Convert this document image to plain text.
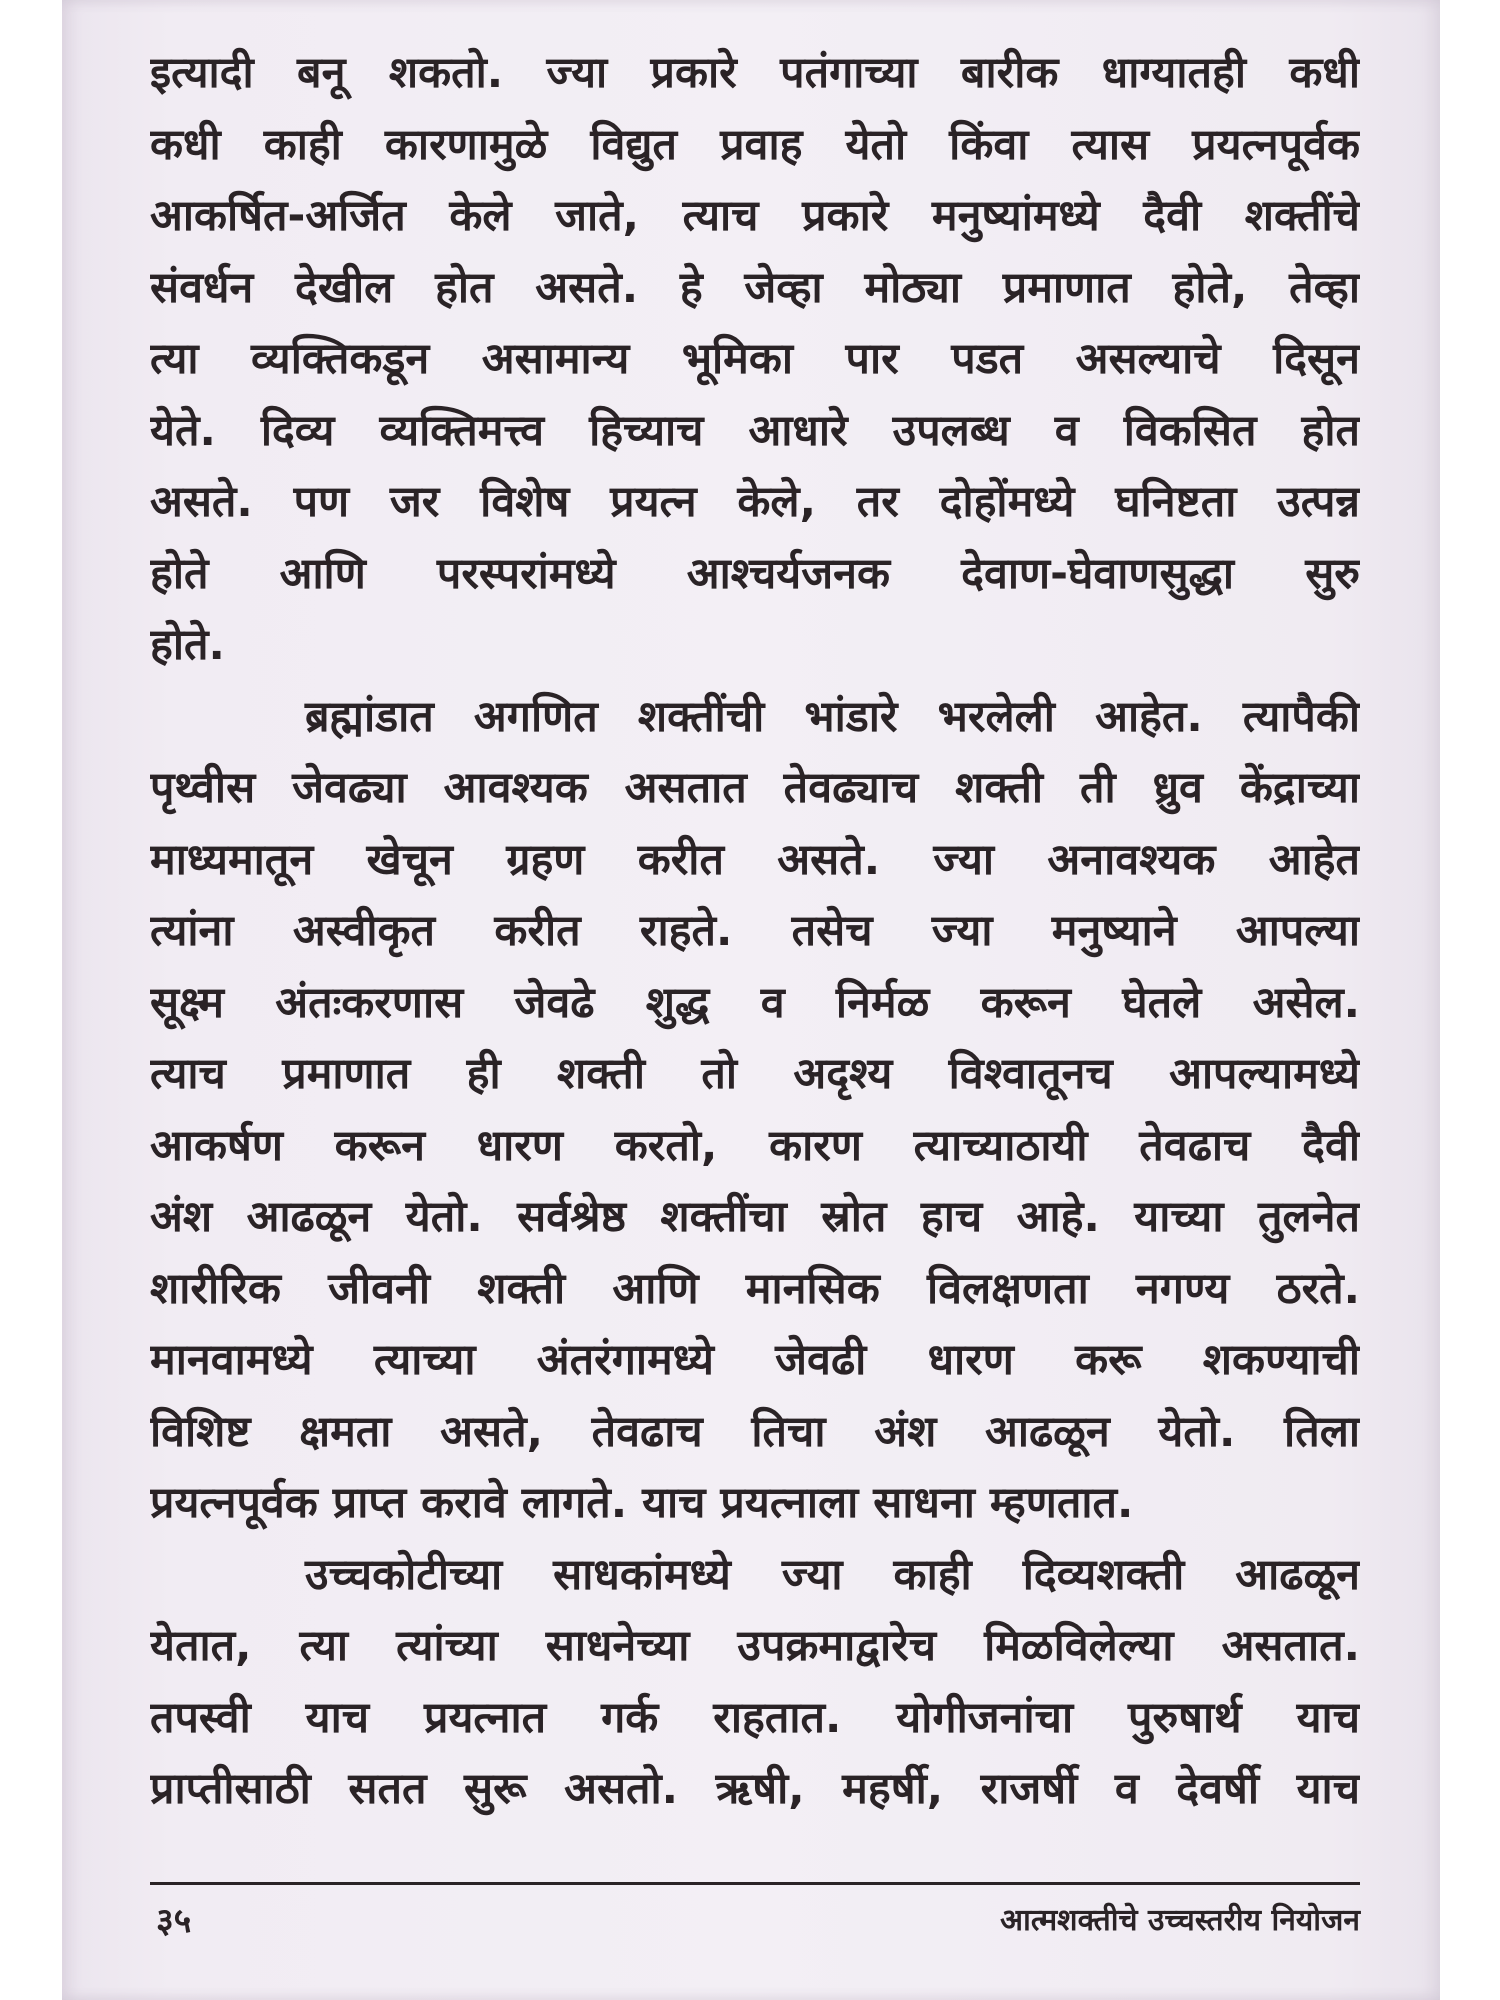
इत्यादी बनू शकतो. ज्या प्रकारे पतंगाच्या बारीक धाग्यातही कधी
कधी काही कारणामुळे विद्युत प्रवाह येतो किंवा त्यास प्रयत्नपूर्वक
आकर्षित-अर्जित केले जाते, त्याच प्रकारे मनुष्यांमध्ये दैवी शक्तींचे
संवर्धन देखील होत असते. हे जेव्हा मोठ्या प्रमाणात होते, तेव्हा
त्या व्यक्तिकडून असामान्य भूमिका पार पडत असल्याचे दिसून
येते. दिव्य व्यक्तिमत्त्व हिच्याच आधारे उपलब्ध व विकसित होत
असते. पण जर विशेष प्रयत्न केले, तर दोहोंमध्ये घनिष्टता उत्पन्न
होते आणि परस्परांमध्ये आश्चर्यजनक देवाण-घेवाणसुद्धा सुरु
होते.
ब्रह्मांडात अगणित शक्तींची भांडारे भरलेली आहेत. त्यापैकी
पृथ्वीस जेवढ्या आवश्यक असतात तेवढ्याच शक्ती ती ध्रुव केंद्राच्या
माध्यमातून खेचून ग्रहण करीत असते. ज्या अनावश्यक आहेत
त्यांना अस्वीकृत करीत राहते. तसेच ज्या मनुष्याने आपल्या
सूक्ष्म अंतःकरणास जेवढे शुद्ध व निर्मळ करून घेतले असेल.
त्याच प्रमाणात ही शक्ती तो अदृश्य विश्वातूनच आपल्यामध्ये
आकर्षण करून धारण करतो, कारण त्याच्याठायी तेवढाच दैवी
अंश आढळून येतो. सर्वश्रेष्ठ शक्तींचा स्रोत हाच आहे. याच्या तुलनेत
शारीरिक जीवनी शक्ती आणि मानसिक विलक्षणता नगण्य ठरते.
मानवामध्ये त्याच्या अंतरंगामध्ये जेवढी धारण करू शकण्याची
विशिष्ट क्षमता असते, तेवढाच तिचा अंश आढळून येतो. तिला
प्रयत्नपूर्वक प्राप्त करावे लागते. याच प्रयत्नाला साधना म्हणतात.
उच्चकोटीच्या साधकांमध्ये ज्या काही दिव्यशक्ती आढळून
येतात, त्या त्यांच्या साधनेच्या उपक्रमाद्वारेच मिळविलेल्या असतात.
तपस्वी याच प्रयत्नात गर्क राहतात. योगीजनांचा पुरुषार्थ याच
प्राप्तीसाठी सतत सुरू असतो. ऋषी, महर्षी, राजर्षी व देवर्षी याच
३५	आत्मशक्तीचे उच्चस्तरीय नियोजन
